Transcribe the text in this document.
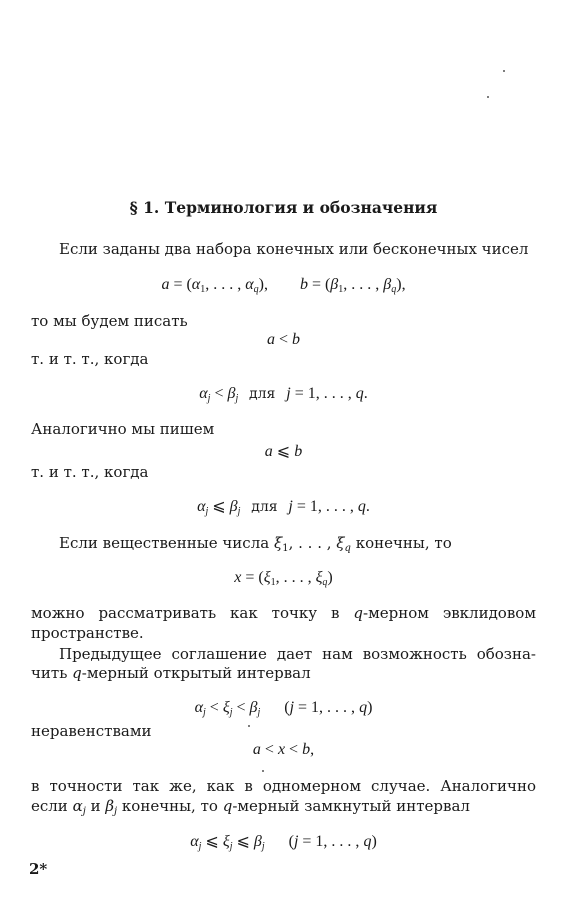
§ 1. Терминология и обозначения
Если заданы два набора конечных или бесконечных чисел
$a = (\alpha_1$, . . . , $\alpha_q$),        $b = (\beta_1$, . . . , $\beta_q$),
то мы будем писать
a < b
т. и т. т., когда
$\alpha_j < \beta_j$ для j = 1, . . . , q.
Аналогично мы пишем
a ⩽ b
т. и т. т., когда
$\alpha_j$ ⩽ $\beta_j$ для j = 1, . . . , q.
Если вещественные числа $\xi_1$, . . . , $\xi_q$ конечны, то
$x = (\xi_1$, . . . , $\xi_q$)
можно рассматривать как точку в q-мерном эвклидовом
пространстве.
Предыдущее соглашение дает нам возможность обозна-
чить q-мерный открытый интервал
$\alpha_j < \xi_j < \beta_j$      (j = 1, . . . , q)
неравенствами
a < x < b,
в точности так же, как в одномерном случае. Аналогично
если $\alpha_j$ и $\beta_j$ конечны, то q-мерный замкнутый интервал
$\alpha_j$ ⩽ $\xi_j$ ⩽ $\beta_j$      (j = 1, . . . , q)
2*
